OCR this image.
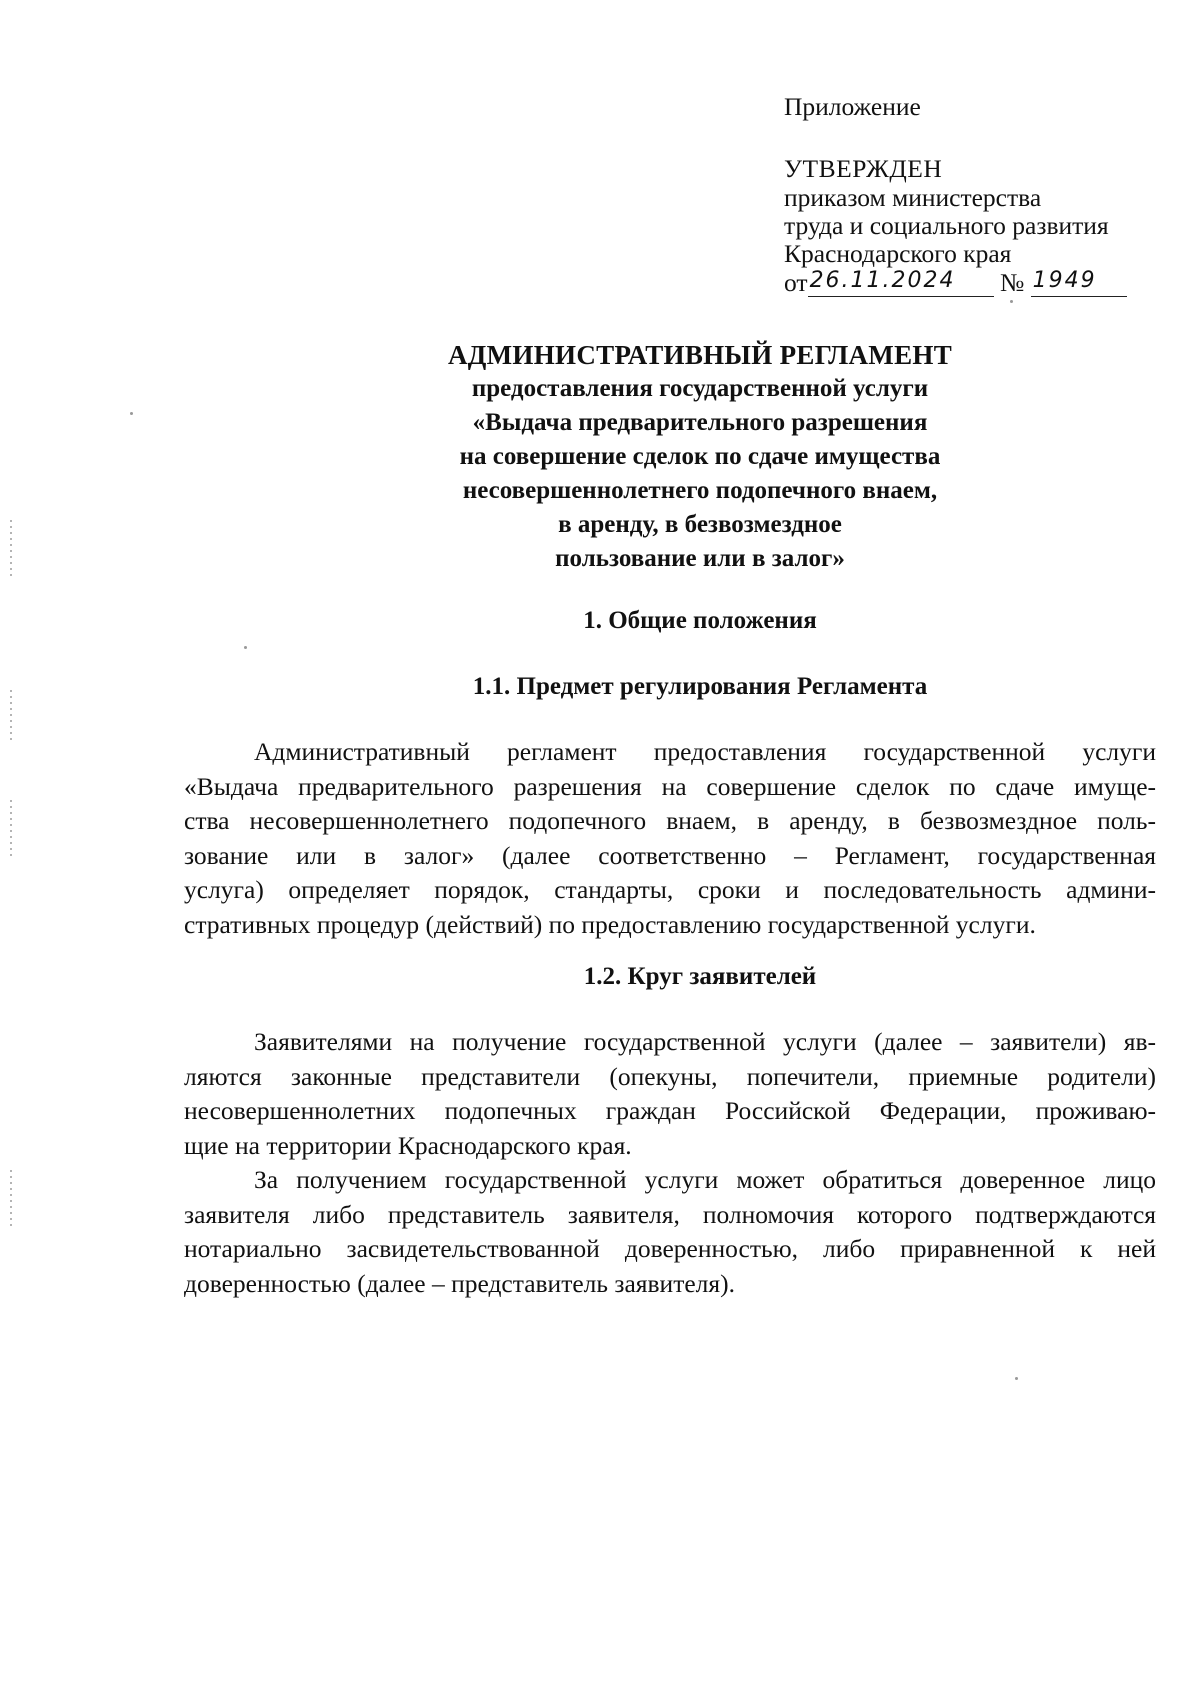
Приложение

УТВЕРЖДЕН

приказом министерства

труда и социального развития

Краснодарского края

от26.11.2024 № 1949

АДМИНИСТРАТИВНЫЙ РЕГЛАМЕНТ

предоставления государственной услуги

«Выдача предварительного разрешения

на совершение сделок по сдаче имущества

несовершеннолетнего подопечного внаем,

в аренду, в безвозмездное

пользование или в залог»

1. Общие положения

1.1. Предмет регулирования Регламента

Административный регламент предоставления государственной услуги
«Выдача предварительного разрешения на совершение сделок по сдаче имуще-
ства несовершеннолетнего подопечного внаем, в аренду, в безвозмездное поль-
зование или в залог» (далее соответственно – Регламент, государственная
услуга) определяет порядок, стандарты, сроки и последовательность админи-
стративных процедур (действий) по предоставлению государственной услуги.

1.2. Круг заявителей

Заявителями на получение государственной услуги (далее – заявители) яв-
ляются законные представители (опекуны, попечители, приемные родители)
несовершеннолетних подопечных граждан Российской Федерации, проживаю-
щие на территории Краснодарского края.
За получением государственной услуги может обратиться доверенное лицо
заявителя либо представитель заявителя, полномочия которого подтверждаются
нотариально засвидетельствованной доверенностью, либо приравненной к ней
доверенностью (далее – представитель заявителя).
